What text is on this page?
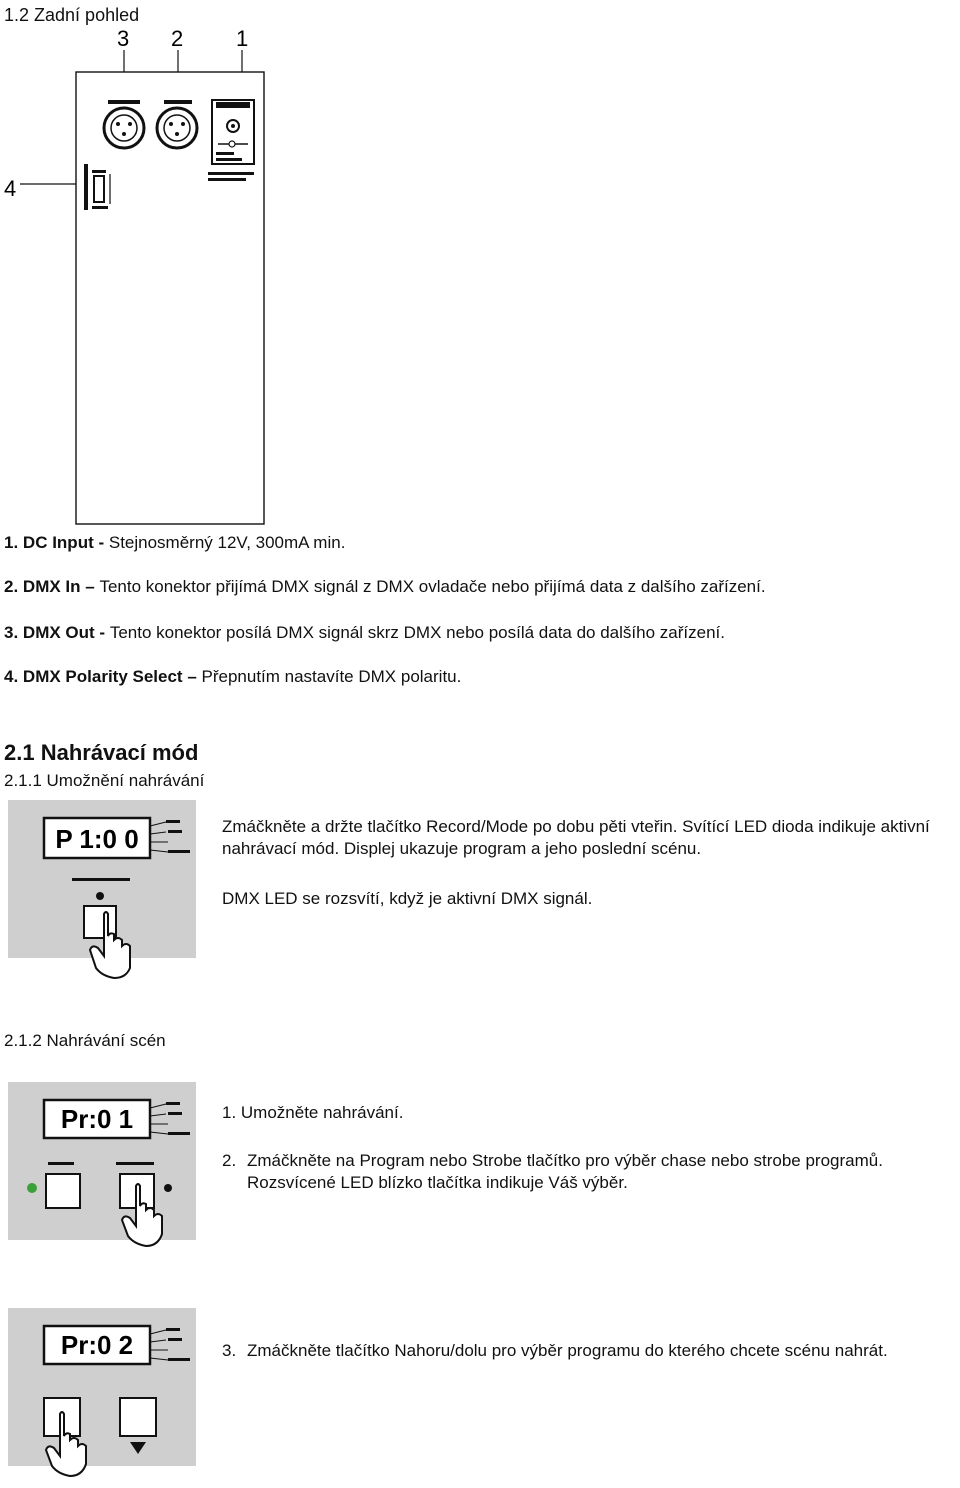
1.2 Zadní pohled
3 2 1
4
1. DC Input - Stejnosměrný 12V, 300mA min.
2. DMX In – Tento konektor přijímá DMX signál z DMX ovladače nebo přijímá data z dalšího zařízení.
3. DMX Out - Tento konektor posílá DMX signál skrz DMX nebo posílá data do dalšího zařízení.
4. DMX Polarity Select – Přepnutím nastavíte DMX polaritu.
2.1 Nahrávací mód
2.1.1 Umožnění nahrávání
P 1:0 0	Zmáčkněte a držte tlačítko Record/Mode po dobu pěti vteřin. Svítící LED dioda indikuje aktivní nahrávací mód. Displej ukazuje program a jeho poslední scénu.
DMX LED se rozsvítí, když je aktivní DMX signál.
2.1.2 Nahrávání scén
Pr:0 1	1. Umožněte nahrávání.
2. Zmáčkněte na Program nebo Strobe tlačítko pro výběr chase nebo strobe programů. Rozsvícené LED blízko tlačítka indikuje Váš výběr.
Pr:0 2	3. Zmáčkněte tlačítko Nahoru/dolu pro výběr programu do kterého chcete scénu nahrát.
